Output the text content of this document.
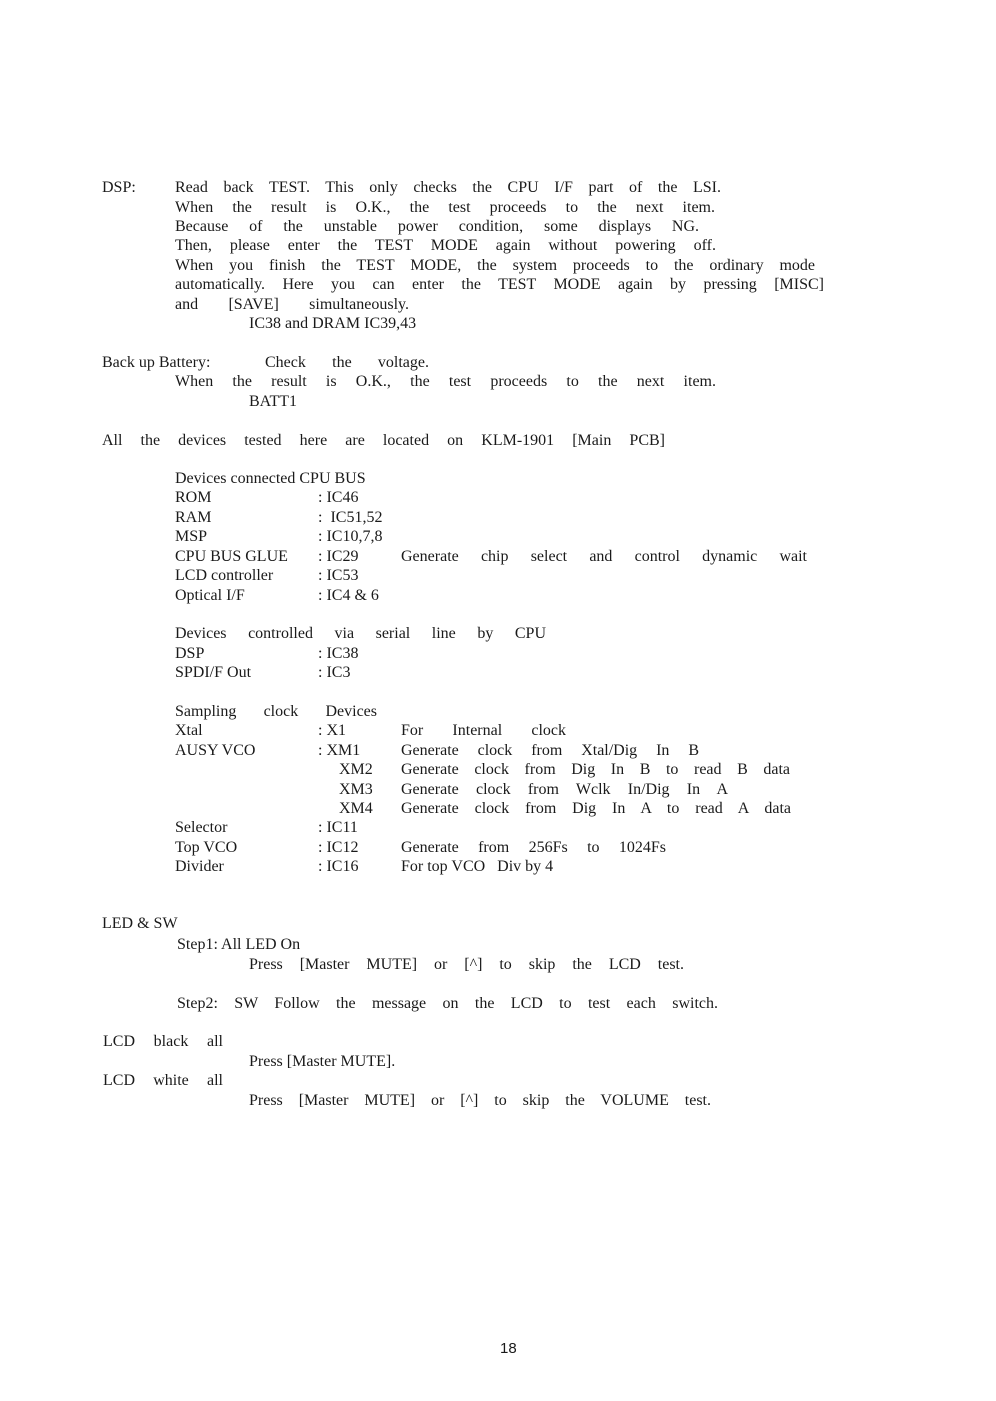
DSP: Read back TEST. This only checks the CPU I/F part of the LSI.
When the result is O.K., the test proceeds to the next item.
Because of the unstable power condition, some displays NG.
Then, please enter the TEST MODE again without powering off.
When you finish the TEST MODE, the system proceeds to the ordinary mode
automatically. Here you can enter the TEST MODE again by pressing [MISC]
and [SAVE] simultaneously.
IC38 and DRAM IC39,43
Back up Battery:	Check the voltage.
When the result is O.K., the test proceeds to the next item.
BATT1
All the devices tested here are located on KLM-1901 [Main PCB]
Devices connected CPU BUS
ROM	: IC46
RAM	:  IC51,52
MSP	: IC10,7,8
CPU BUS GLUE : IC29	Generate chip select and control dynamic wait
LCD controller	: IC53
Optical I/F	: IC4 & 6
Devices controlled via serial line by CPU
DSP	: IC38
SPDI/F Out	: IC3
Sampling clock Devices
Xtal	: X1	For Internal clock
AUSY VCO	: XM1	Generate clock from Xtal/Dig In B
XM2 Generate clock from Dig In B to read B data
XM3 Generate clock from Wclk In/Dig In A
XM4 Generate clock from Dig In A to read A data
Selector	: IC11
Top VCO	: IC12	Generate from 256Fs to 1024Fs
Divider	: IC16	For top VCO   Div by 4
LED & SW
Step1: All LED On
Press [Master MUTE] or [^] to skip the LCD test.
Step2: SW Follow the message on the LCD to test each switch.
LCD black all
Press [Master MUTE].
LCD white all
Press [Master MUTE] or [^] to skip the VOLUME test.
18
